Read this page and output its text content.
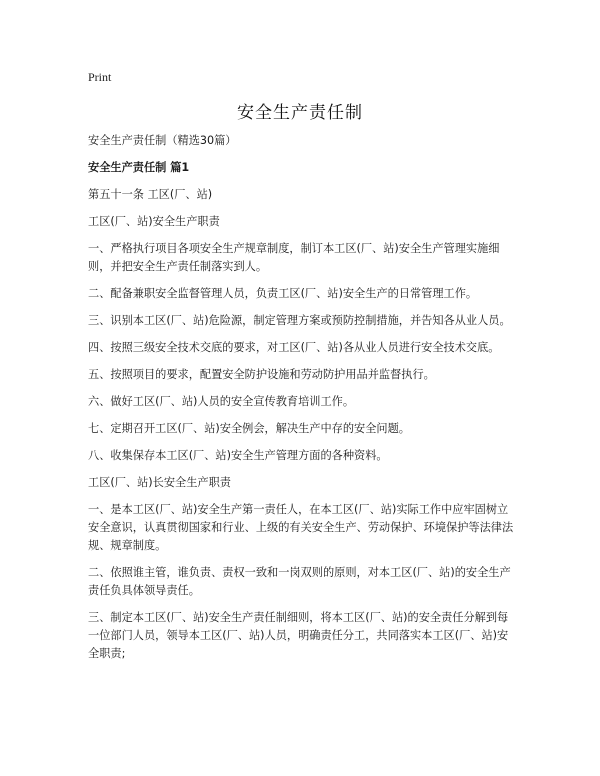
Print
安全生产责任制

安全生产责任制（精选30篇）

安全生产责任制 篇1

第五十一条 工区(厂、站)

工区(厂、站)安全生产职责

一、严格执行项目各项安全生产规章制度，制订本工区(厂、站)安全生产管理实施细则，并把安全生产责任制落实到人。

二、配备兼职安全监督管理人员，负责工区(厂、站)安全生产的日常管理工作。

三、识别本工区(厂、站)危险源，制定管理方案或预防控制措施，并告知各从业人员。

四、按照三级安全技术交底的要求，对工区(厂、站)各从业人员进行安全技术交底。

五、按照项目的要求，配置安全防护设施和劳动防护用品并监督执行。

六、做好工区(厂、站)人员的安全宣传教育培训工作。

七、定期召开工区(厂、站)安全例会，解决生产中存的安全问题。

八、收集保存本工区(厂、站)安全生产管理方面的各种资料。

工区(厂、站)长安全生产职责

一、是本工区(厂、站)安全生产第一责任人，在本工区(厂、站)实际工作中应牢固树立安全意识，认真贯彻国家和行业、上级的有关安全生产、劳动保护、环境保护等法律法规、规章制度。

二、依照谁主管，谁负责、责权一致和一岗双则的原则，对本工区(厂、站)的安全生产责任负具体领导责任。

三、制定本工区(厂、站)安全生产责任制细则，将本工区(厂、站)的安全责任分解到每一位部门人员，领导本工区(厂、站)人员，明确责任分工，共同落实本工区(厂、站)安全职责;
